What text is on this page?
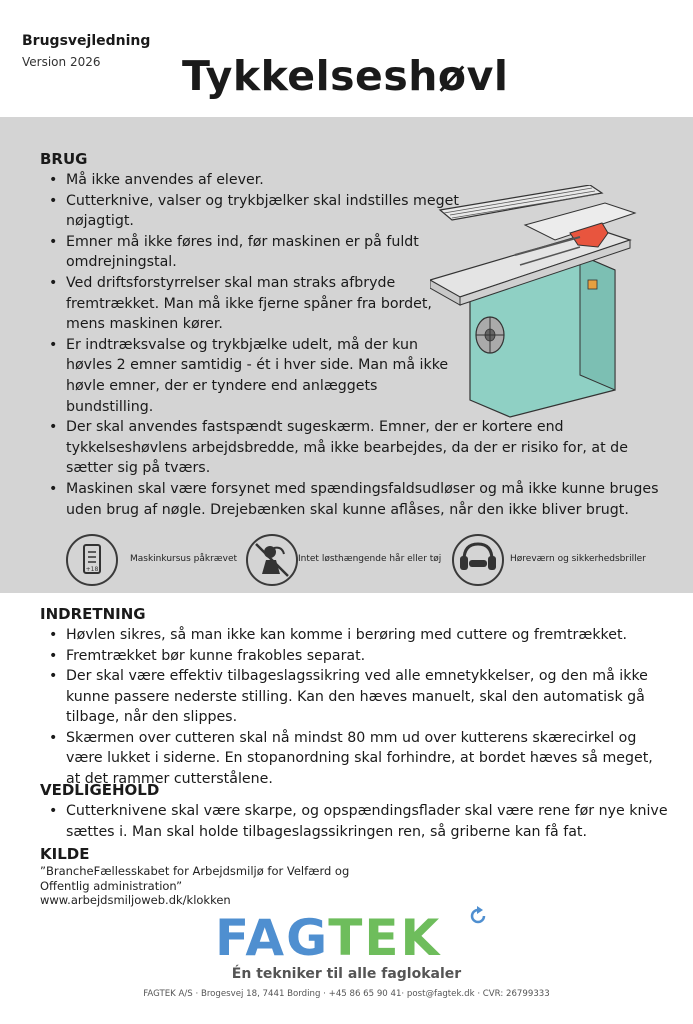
Brugsvejledning
Version 2026 Tykkelseshøvl
BRUG
• Må ikke anvendes af elever.
• Cutterknive, valser og trykbjælker skal indstilles meget nøjagtigt.
• Emner må ikke føres ind, før maskinen er på fuldt omdrejningstal.
• Ved driftsforstyrrelser skal man straks afbryde fremtrækket. Man må ikke fjerne spåner fra bordet, mens maskinen kører.
• Er indtræksvalse og trykbjælke udelt, må der kun høvles 2 emner samtidig - ét i hver side. Man må ikke høvle emner, der er tyndere end anlæggets bundstilling.
• Der skal anvendes fastspændt sugeskærm. Emner, der er kortere end tykkelseshøvlens arbejdsbredde, må ikke bearbejdes, da der er risiko for, at de sætter sig på tværs.
• Maskinen skal være forsynet med spændingsfaldsudløser og må ikke kunne bruges uden brug af nøgle. Drejebænken skal kunne aflåses, når den ikke bliver brugt.
+18
Maskinkursus påkrævet	Intet løsthængende hår eller tøj	Høreværn og sikkerhedsbriller
INDRETNING
• Høvlen sikres, så man ikke kan komme i berøring med cuttere og fremtrækket.
• Fremtrækket bør kunne frakobles separat.
• Der skal være effektiv tilbageslagssikring ved alle emnetykkelser, og den må ikke kunne passere nederste stilling. Kan den hæves manuelt, skal den automatisk gå tilbage, når den slippes.
• Skærmen over cutteren skal nå mindst 80 mm ud over kutterens skærecirkel og være lukket i siderne. En stopanordning skal forhindre, at bordet hæves så meget, at det rammer cutterstålene.
VEDLIGEHOLD
• Cutterknivene skal være skarpe, og opspændingsflader skal være rene før nye knive sættes i. Man skal holde tilbageslagssikringen ren, så griberne kan få fat.
KILDE
”BrancheFællesskabet for Arbejdsmiljø for Velfærd og
Offentlig administration”
www.arbejdsmiljoweb.dk/klokken
FAGTEK
Én tekniker til alle faglokaler
FAGTEK A/S · Brogesvej 18, 7441 Bording · +45 86 65 90 41· post@fagtek.dk · CVR: 26799333
